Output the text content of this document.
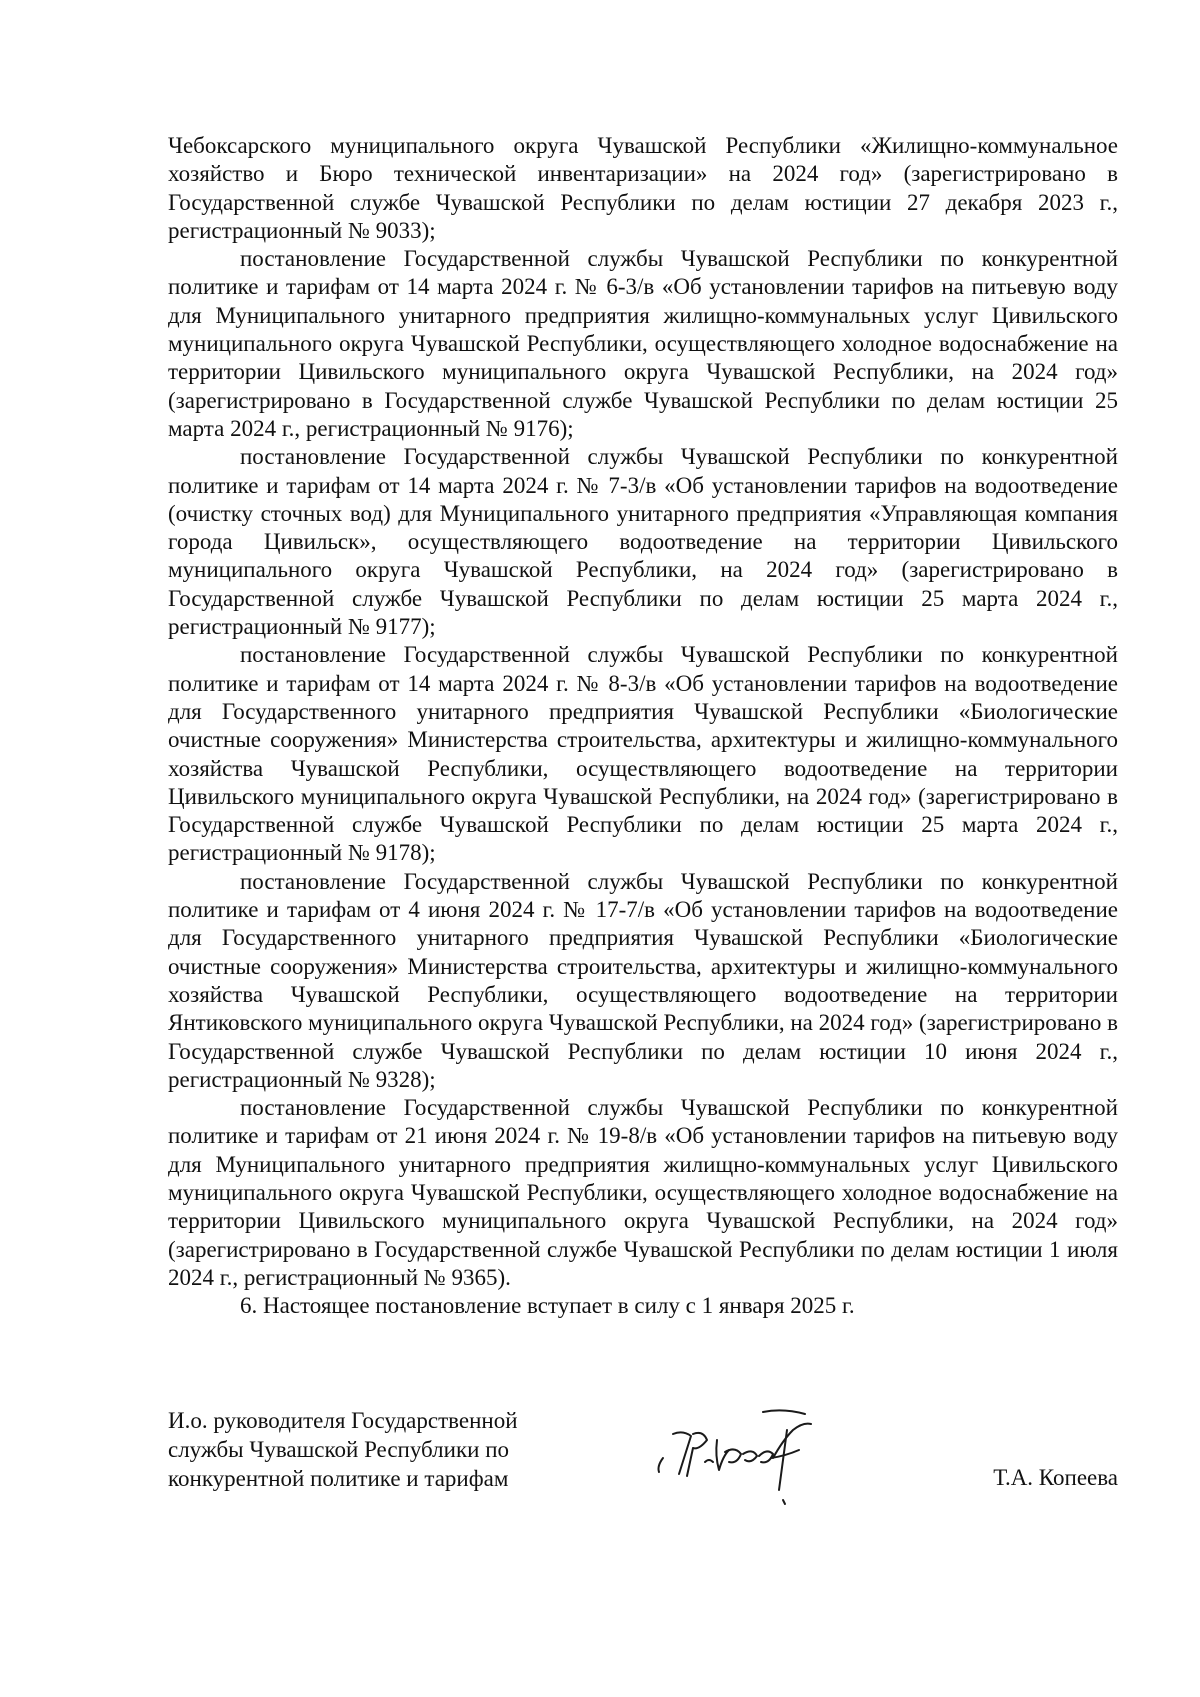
Чебоксарского муниципального округа Чувашской Республики «Жилищно-коммунальное хозяйство и Бюро технической инвентаризации» на 2024 год» (зарегистрировано в Государственной службе Чувашской Республики по делам юстиции 27 декабря 2023 г., регистрационный № 9033);

постановление Государственной службы Чувашской Республики по конкурентной политике и тарифам от 14 марта 2024 г. № 6-3/в «Об установлении тарифов на питьевую воду для Муниципального унитарного предприятия жилищно-коммунальных услуг Цивильского муниципального округа Чувашской Республики, осуществляющего холодное водоснабжение на территории Цивильского муниципального округа Чувашской Республики, на 2024 год» (зарегистрировано в Государственной службе Чувашской Республики по делам юстиции 25 марта 2024 г., регистрационный № 9176);

постановление Государственной службы Чувашской Республики по конкурентной политике и тарифам от 14 марта 2024 г. № 7-3/в «Об установлении тарифов на водоотведение (очистку сточных вод) для Муниципального унитарного предприятия «Управляющая компания города Цивильск», осуществляющего водоотведение на территории Цивильского муниципального округа Чувашской Республики, на 2024 год» (зарегистрировано в Государственной службе Чувашской Республики по делам юстиции 25 марта 2024 г., регистрационный № 9177);

постановление Государственной службы Чувашской Республики по конкурентной политике и тарифам от 14 марта 2024 г. № 8-3/в «Об установлении тарифов на водоотведение для Государственного унитарного предприятия Чувашской Республики «Биологические очистные сооружения» Министерства строительства, архитектуры и жилищно-коммунального хозяйства Чувашской Республики, осуществляющего водоотведение на территории Цивильского муниципального округа Чувашской Республики, на 2024 год» (зарегистрировано в Государственной службе Чувашской Республики по делам юстиции 25 марта 2024 г., регистрационный № 9178);

постановление Государственной службы Чувашской Республики по конкурентной политике и тарифам от 4 июня 2024 г. № 17-7/в «Об установлении тарифов на водоотведение для Государственного унитарного предприятия Чувашской Республики «Биологические очистные сооружения» Министерства строительства, архитектуры и жилищно-коммунального хозяйства Чувашской Республики, осуществляющего водоотведение на территории Янтиковского муниципального округа Чувашской Республики, на 2024 год» (зарегистрировано в Государственной службе Чувашской Республики по делам юстиции 10 июня 2024 г., регистрационный № 9328);

постановление Государственной службы Чувашской Республики по конкурентной политике и тарифам от 21 июня 2024 г. № 19-8/в «Об установлении тарифов на питьевую воду для Муниципального унитарного предприятия жилищно-коммунальных услуг Цивильского муниципального округа Чувашской Республики, осуществляющего холодное водоснабжение на территории Цивильского муниципального округа Чувашской Республики, на 2024 год» (зарегистрировано в Государственной службе Чувашской Республики по делам юстиции 1 июля 2024 г., регистрационный № 9365).

6. Настоящее постановление вступает в силу с 1 января 2025 г.

И.о. руководителя Государственной
службы Чувашской Республики по
конкурентной политике и тарифам	Т.А. Копеева
